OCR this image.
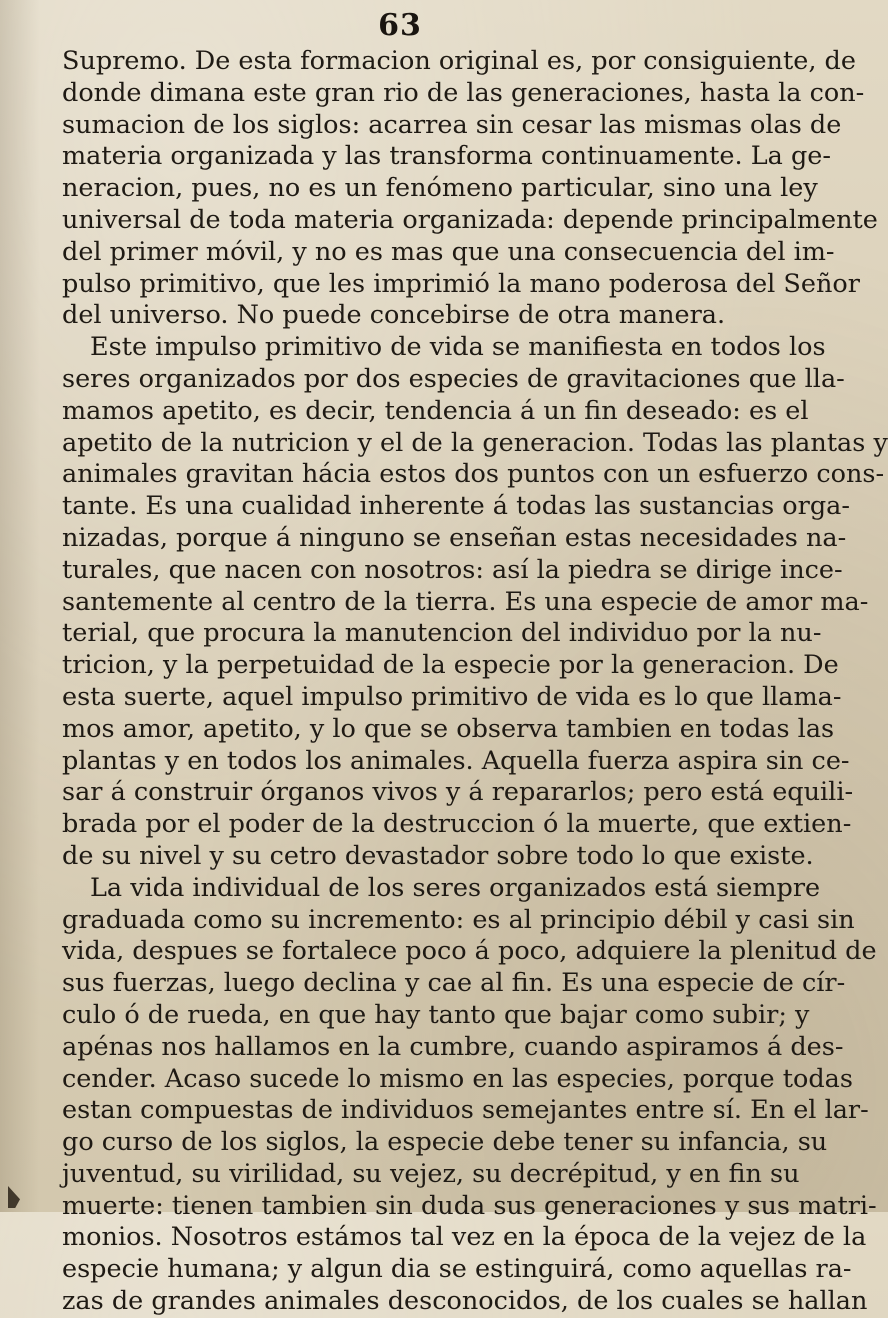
63
Supremo. De esta formacion original es, por consiguiente, de
donde dimana este gran rio de las generaciones, hasta la con-
sumacion de los siglos: acarrea sin cesar las mismas olas de
materia organizada y las transforma continuamente. La ge-
neracion, pues, no es un fenómeno particular, sino una ley
universal de toda materia organizada: depende principalmente
del primer móvil, y no es mas que una consecuencia del im-
pulso primitivo, que les imprimió la mano poderosa del Señor
del universo. No puede concebirse de otra manera.
Este impulso primitivo de vida se manifiesta en todos los
seres organizados por dos especies de gravitaciones que lla-
mamos apetito, es decir, tendencia á un fin deseado: es el
apetito de la nutricion y el de la generacion. Todas las plantas y
animales gravitan hácia estos dos puntos con un esfuerzo cons-
tante. Es una cualidad inherente á todas las sustancias orga-
nizadas, porque á ninguno se enseñan estas necesidades na-
turales, que nacen con nosotros: así la piedra se dirige ince-
santemente al centro de la tierra. Es una especie de amor ma-
terial, que procura la manutencion del individuo por la nu-
tricion, y la perpetuidad de la especie por la generacion. De
esta suerte, aquel impulso primitivo de vida es lo que llama-
mos amor, apetito, y lo que se observa tambien en todas las
plantas y en todos los animales. Aquella fuerza aspira sin ce-
sar á construir órganos vivos y á repararlos; pero está equili-
brada por el poder de la destruccion ó la muerte, que extien-
de su nivel y su cetro devastador sobre todo lo que existe.
La vida individual de los seres organizados está siempre
graduada como su incremento: es al principio débil y casi sin
vida, despues se fortalece poco á poco, adquiere la plenitud de
sus fuerzas, luego declina y cae al fin. Es una especie de cír-
culo ó de rueda, en que hay tanto que bajar como subir; y
apénas nos hallamos en la cumbre, cuando aspiramos á des-
cender. Acaso sucede lo mismo en las especies, porque todas
estan compuestas de individuos semejantes entre sí. En el lar-
go curso de los siglos, la especie debe tener su infancia, su
juventud, su virilidad, su vejez, su decrépitud, y en fin su
muerte: tienen tambien sin duda sus generaciones y sus matri-
monios. Nosotros estámos tal vez en la época de la vejez de la
especie humana; y algun dia se estinguirá, como aquellas ra-
zas de grandes animales desconocidos, de los cuales se hallan
